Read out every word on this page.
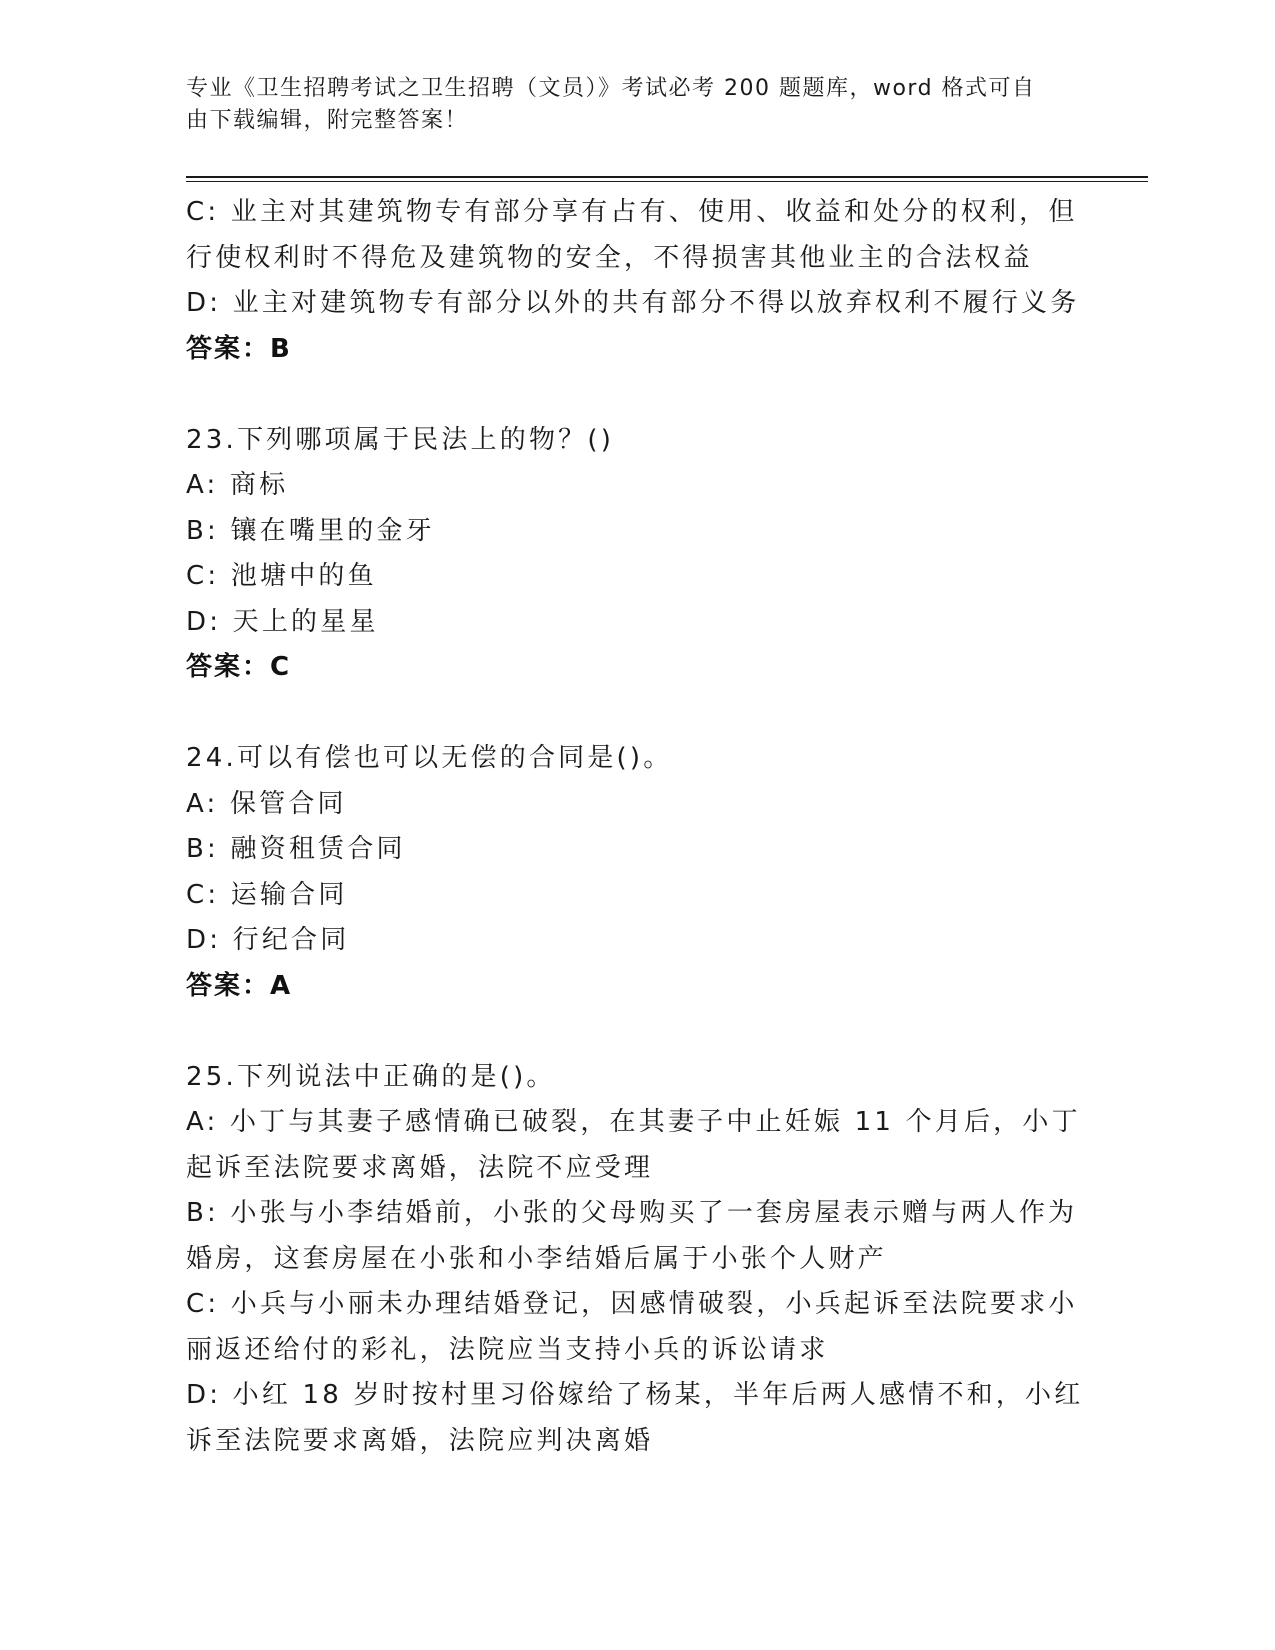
专业《卫生招聘考试之卫生招聘（文员）》考试必考 200 题题库，word 格式可自
由下载编辑，附完整答案！
C: 业主对其建筑物专有部分享有占有、使用、收益和处分的权利，但
行使权利时不得危及建筑物的安全，不得损害其他业主的合法权益
D: 业主对建筑物专有部分以外的共有部分不得以放弃权利不履行义务
答案：B
23.下列哪项属于民法上的物？()
A: 商标
B: 镶在嘴里的金牙
C: 池塘中的鱼
D: 天上的星星
答案：C
24.可以有偿也可以无偿的合同是()。
A: 保管合同
B: 融资租赁合同
C: 运输合同
D: 行纪合同
答案：A
25.下列说法中正确的是()。
A: 小丁与其妻子感情确已破裂，在其妻子中止妊娠 11 个月后，小丁
起诉至法院要求离婚，法院不应受理
B: 小张与小李结婚前，小张的父母购买了一套房屋表示赠与两人作为
婚房，这套房屋在小张和小李结婚后属于小张个人财产
C: 小兵与小丽未办理结婚登记，因感情破裂，小兵起诉至法院要求小
丽返还给付的彩礼，法院应当支持小兵的诉讼请求
D: 小红 18 岁时按村里习俗嫁给了杨某，半年后两人感情不和，小红
诉至法院要求离婚，法院应判决离婚
